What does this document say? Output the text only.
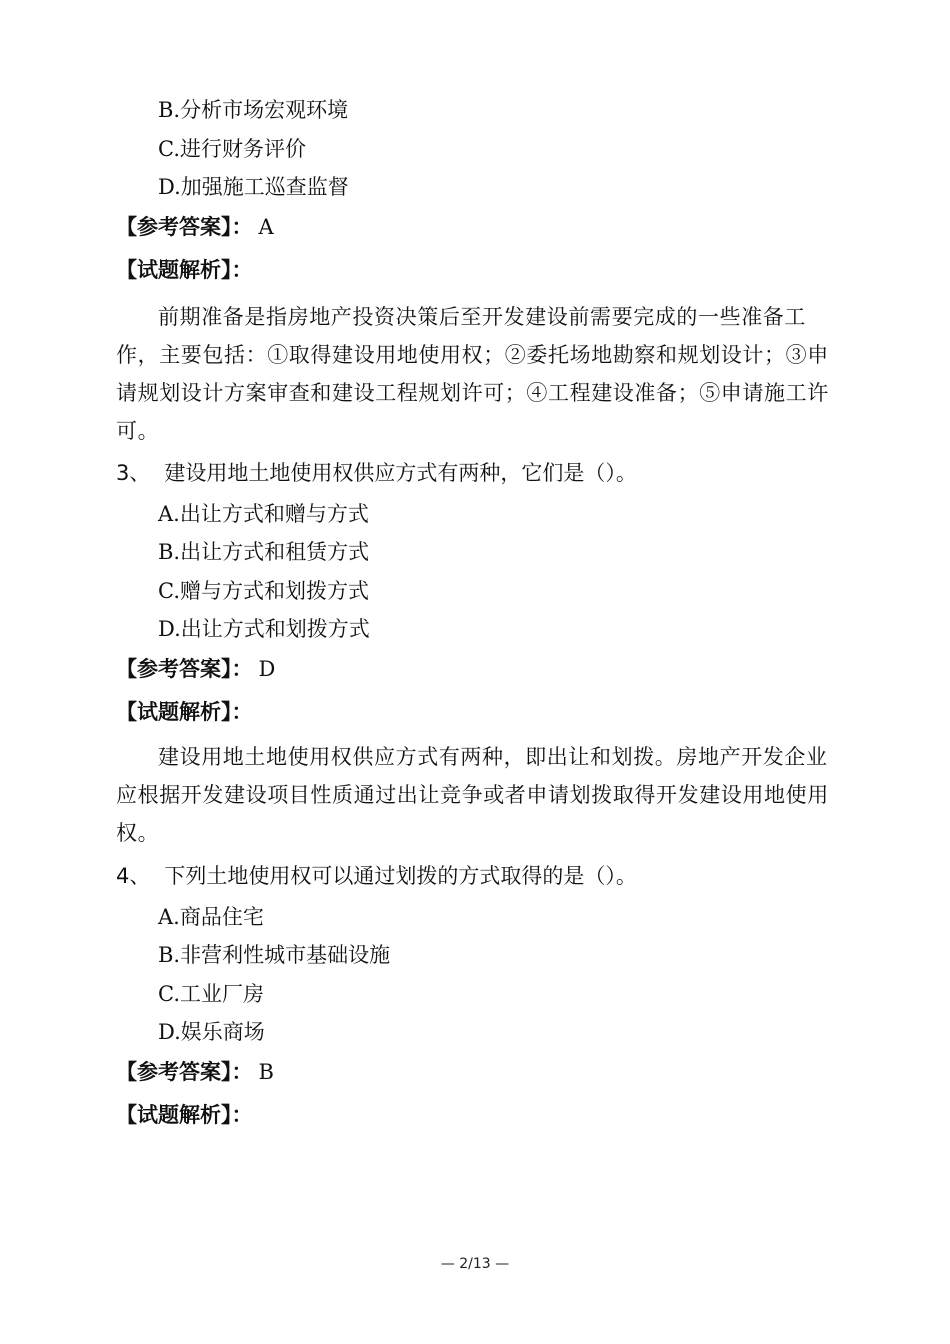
B.分析市场宏观环境
C.进行财务评价
D.加强施工巡查监督
【参考答案】： A
【试题解析】：
前期准备是指房地产投资决策后至开发建设前需要完成的一些准备工作，主要包括：①取得建设用地使用权；②委托场地勘察和规划设计；③申请规划设计方案审查和建设工程规划许可；④工程建设准备；⑤申请施工许可。
3、 建设用地土地使用权供应方式有两种，它们是（）。
A.出让方式和赠与方式
B.出让方式和租赁方式
C.赠与方式和划拨方式
D.出让方式和划拨方式
【参考答案】： D
【试题解析】：
建设用地土地使用权供应方式有两种，即出让和划拨。房地产开发企业应根据开发建设项目性质通过出让竞争或者申请划拨取得开发建设用地使用权。
4、 下列土地使用权可以通过划拨的方式取得的是（）。
A.商品住宅
B.非营利性城市基础设施
C.工业厂房
D.娱乐商场
【参考答案】： B
【试题解析】：
— 2/13 —
